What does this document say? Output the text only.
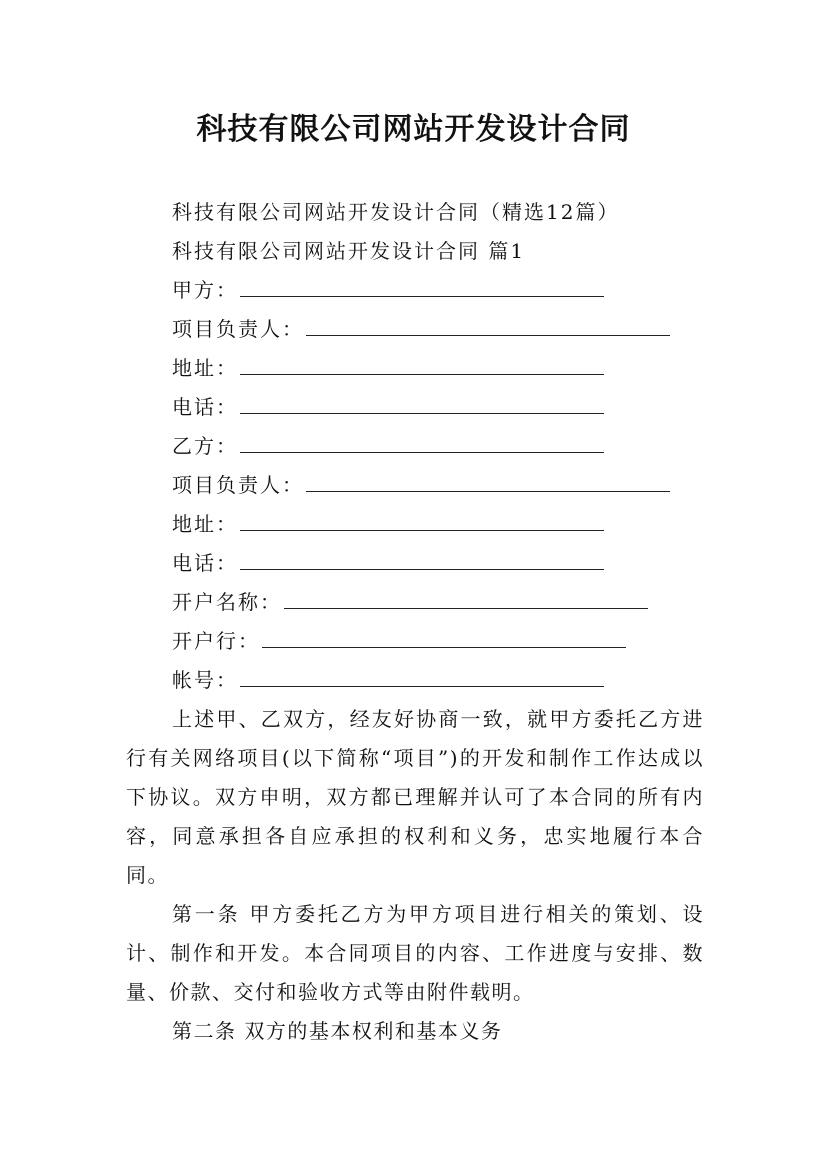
科技有限公司网站开发设计合同
科技有限公司网站开发设计合同（精选12篇）
科技有限公司网站开发设计合同 篇1
甲方：
项目负责人：
地址：
电话：
乙方：
项目负责人：
地址：
电话：
开户名称：
开户行：
帐号：

上述甲、乙双方，经友好协商一致，就甲方委托乙方进行有关网络项目(以下简称“项目”)的开发和制作工作达成以下协议。双方申明，双方都已理解并认可了本合同的所有内容，同意承担各自应承担的权利和义务，忠实地履行本合同。

第一条 甲方委托乙方为甲方项目进行相关的策划、设计、制作和开发。本合同项目的内容、工作进度与安排、数量、价款、交付和验收方式等由附件载明。

第二条 双方的基本权利和基本义务
